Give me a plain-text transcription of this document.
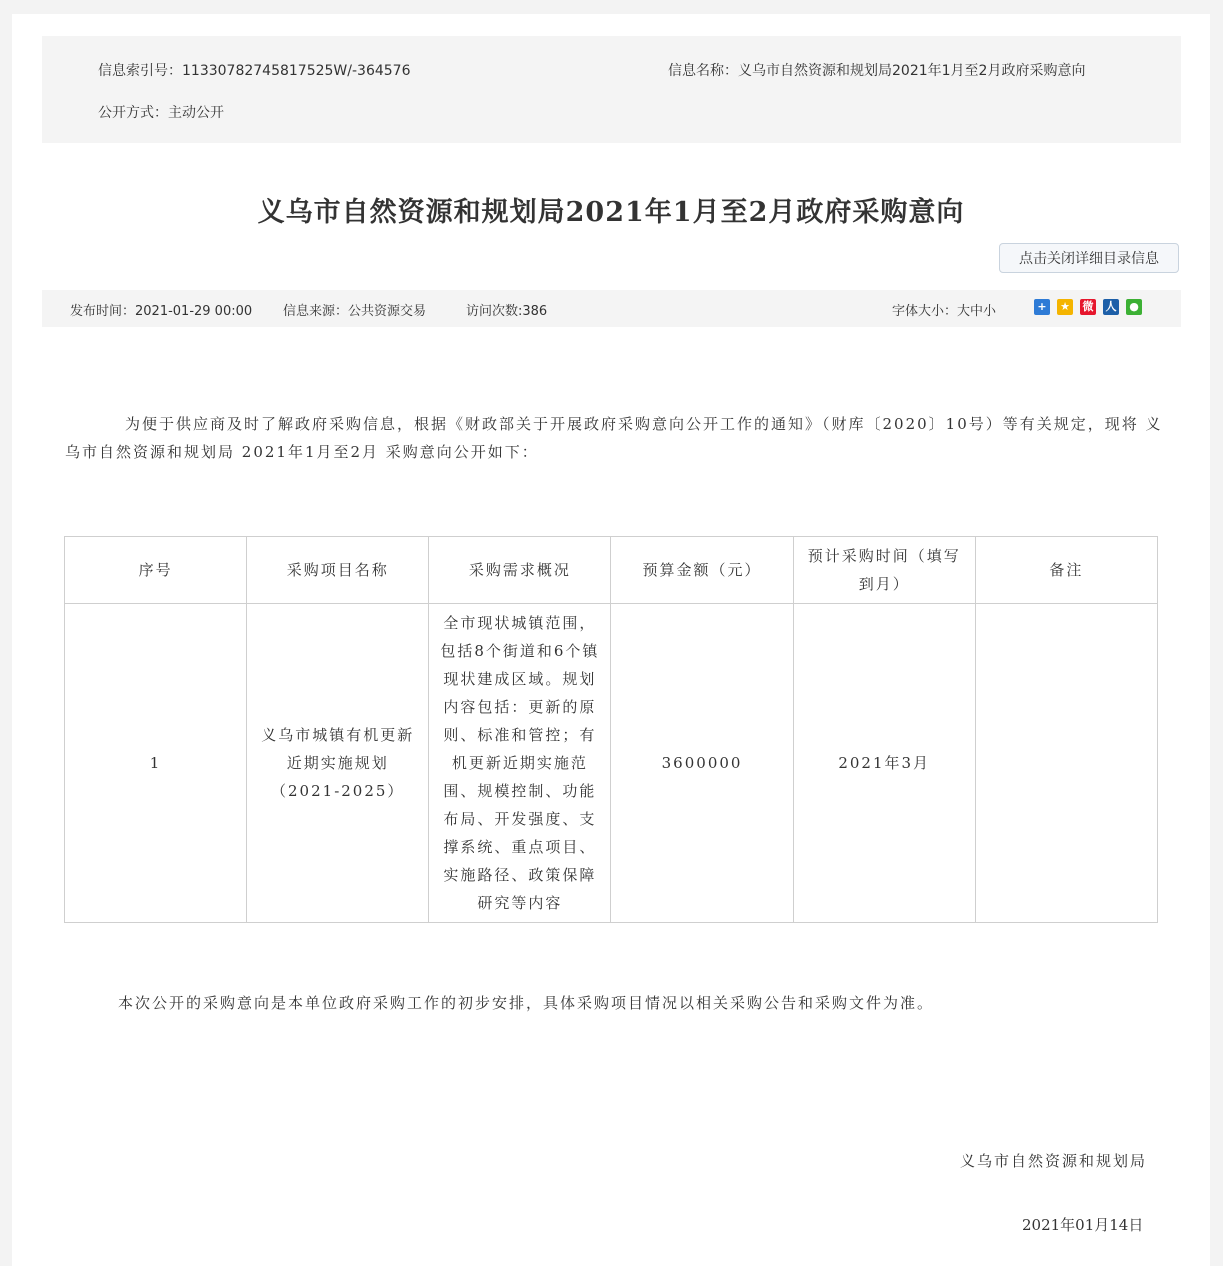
信息索引号：11330782745817525W/-364576	信息名称：义乌市自然资源和规划局2021年1月至2月政府采购意向
公开方式：主动公开
义乌市自然资源和规划局2021年1月至2月政府采购意向
点击关闭详细目录信息
发布时间：2021-01-29 00:00 信息来源：公共资源交易	访问次数:386	字体大小：大中小	+	★ 微 人 ●
为便于供应商及时了解政府采购信息，根据《财政部关于开展政府采购意向公开工作的通知》（财库〔2020〕10号）等有关规定，现将 义乌市自然资源和规划局 2021年1月至2月 采购意向公开如下：
序号	采购项目名称	采购需求概况	预算金额（元）	预计采购时间（填写到月）	备注
1	义乌市城镇有机更新近期实施规划（2021-2025）	全市现状城镇范围，包括8个街道和6个镇现状建成区域。规划内容包括：更新的原则、标准和管控；有机更新近期实施范围、规模控制、功能布局、开发强度、支撑系统、重点项目、实施路径、政策保障研究等内容	3600000	2021年3月	
本次公开的采购意向是本单位政府采购工作的初步安排，具体采购项目情况以相关采购公告和采购文件为准。
义乌市自然资源和规划局
2021年01月14日
